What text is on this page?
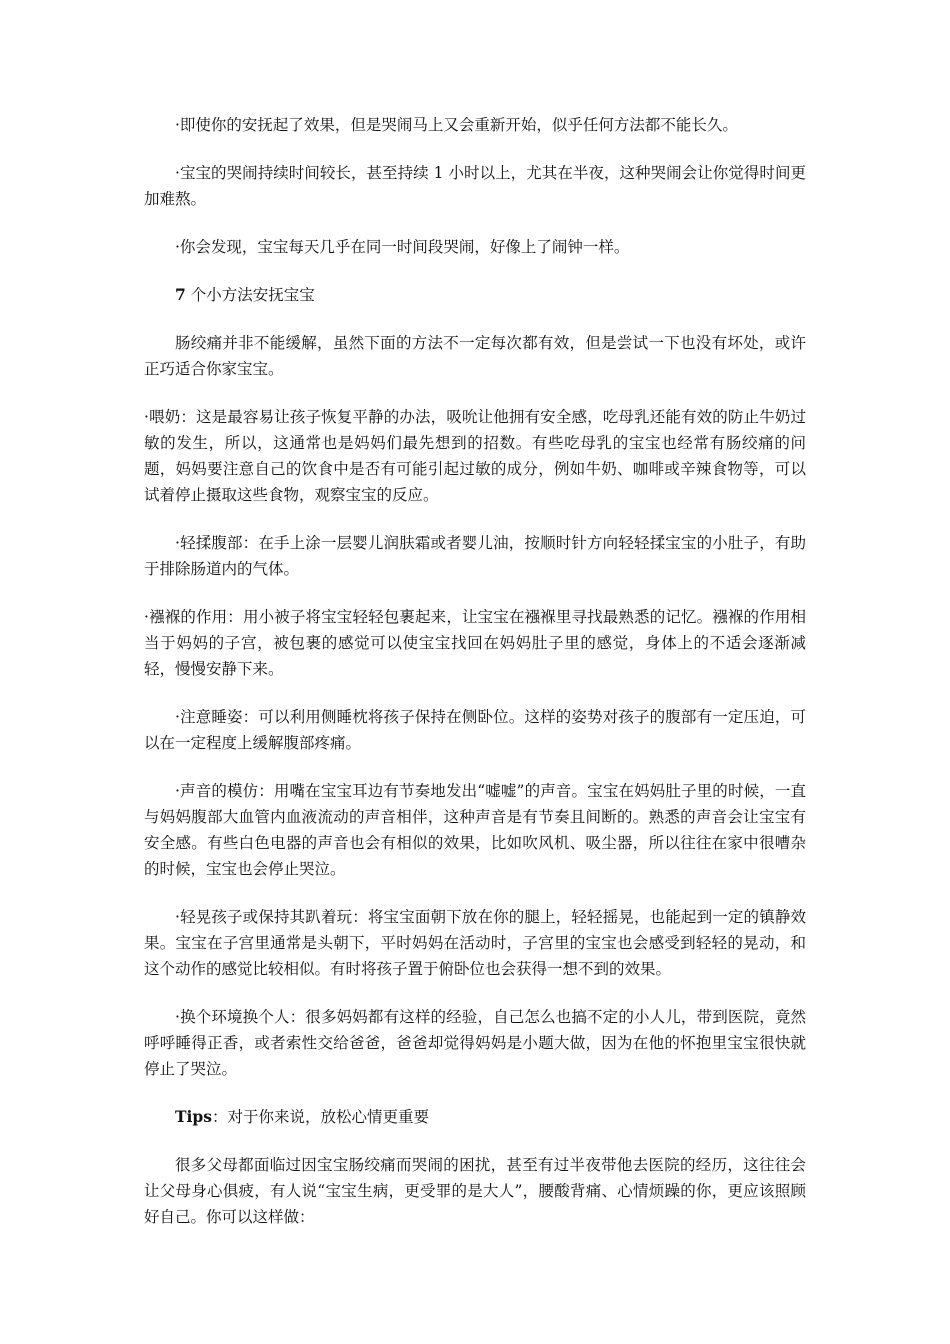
·即使你的安抚起了效果，但是哭闹马上又会重新开始，似乎任何方法都不能长久。

·宝宝的哭闹持续时间较长，甚至持续 1 小时以上，尤其在半夜，这种哭闹会让你觉得时间更加难熬。

·你会发现，宝宝每天几乎在同一时间段哭闹，好像上了闹钟一样。

7 个小方法安抚宝宝

肠绞痛并非不能缓解，虽然下面的方法不一定每次都有效，但是尝试一下也没有坏处，或许正巧适合你家宝宝。

·喂奶：这是最容易让孩子恢复平静的办法，吸吮让他拥有安全感，吃母乳还能有效的防止牛奶过敏的发生，所以，这通常也是妈妈们最先想到的招数。有些吃母乳的宝宝也经常有肠绞痛的问题，妈妈要注意自己的饮食中是否有可能引起过敏的成分，例如牛奶、咖啡或辛辣食物等，可以试着停止摄取这些食物，观察宝宝的反应。

·轻揉腹部：在手上涂一层婴儿润肤霜或者婴儿油，按顺时针方向轻轻揉宝宝的小肚子，有助于排除肠道内的气体。

·襁褓的作用：用小被子将宝宝轻轻包裹起来，让宝宝在襁褓里寻找最熟悉的记忆。襁褓的作用相当于妈妈的子宫，被包裹的感觉可以使宝宝找回在妈妈肚子里的感觉，身体上的不适会逐渐减轻，慢慢安静下来。

·注意睡姿：可以利用侧睡枕将孩子保持在侧卧位。这样的姿势对孩子的腹部有一定压迫，可以在一定程度上缓解腹部疼痛。

·声音的模仿：用嘴在宝宝耳边有节奏地发出“嘘嘘”的声音。宝宝在妈妈肚子里的时候，一直与妈妈腹部大血管内血液流动的声音相伴，这种声音是有节奏且间断的。熟悉的声音会让宝宝有安全感。有些白色电器的声音也会有相似的效果，比如吹风机、吸尘器，所以往往在家中很嘈杂的时候，宝宝也会停止哭泣。

·轻晃孩子或保持其趴着玩：将宝宝面朝下放在你的腿上，轻轻摇晃，也能起到一定的镇静效果。宝宝在子宫里通常是头朝下，平时妈妈在活动时，子宫里的宝宝也会感受到轻轻的晃动，和这个动作的感觉比较相似。有时将孩子置于俯卧位也会获得一想不到的效果。

·换个环境换个人：很多妈妈都有这样的经验，自己怎么也搞不定的小人儿，带到医院，竟然呼呼睡得正香，或者索性交给爸爸，爸爸却觉得妈妈是小题大做，因为在他的怀抱里宝宝很快就停止了哭泣。

Tips：对于你来说，放松心情更重要

很多父母都面临过因宝宝肠绞痛而哭闹的困扰，甚至有过半夜带他去医院的经历，这往往会让父母身心俱疲，有人说“宝宝生病，更受罪的是大人”，腰酸背痛、心情烦躁的你，更应该照顾好自己。你可以这样做：
